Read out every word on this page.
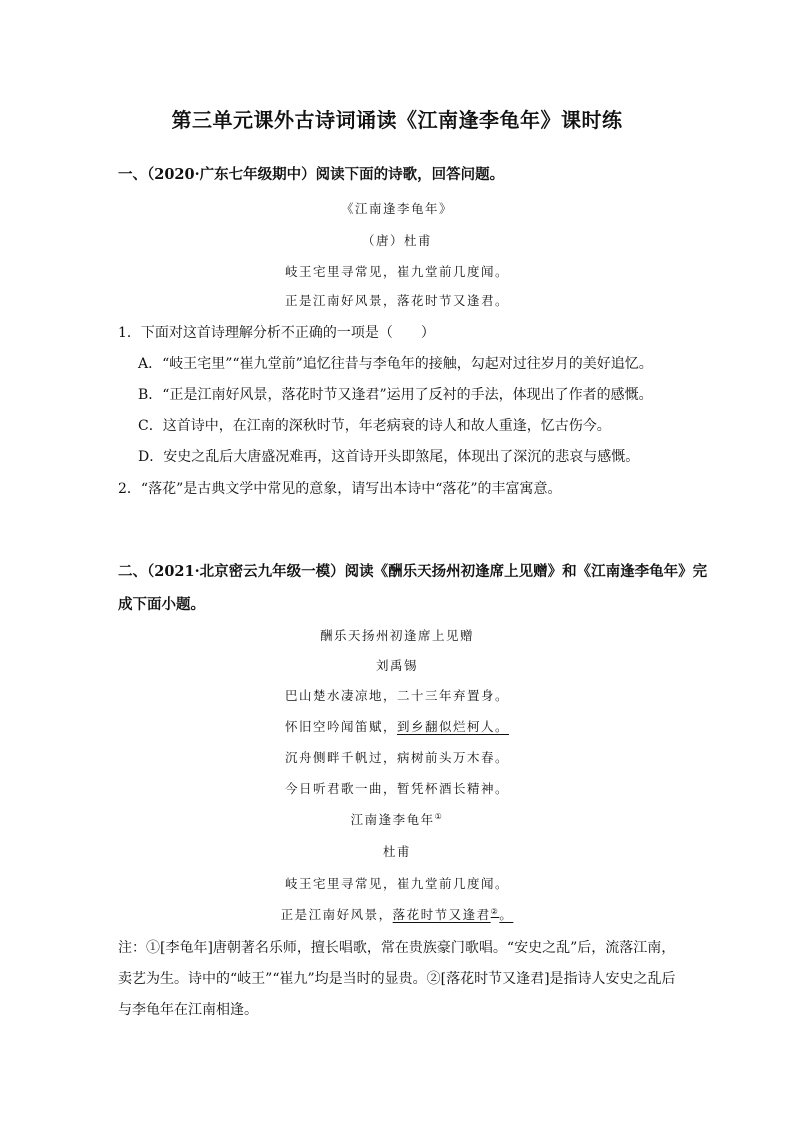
第三单元课外古诗词诵读《江南逢李龟年》课时练
一、（2020·广东七年级期中）阅读下面的诗歌，回答问题。
《江南逢李龟年》
（唐）杜甫
岐王宅里寻常见，崔九堂前几度闻。
正是江南好风景，落花时节又逢君。
1．下面对这首诗理解分析不正确的一项是（　　）
A．“岐王宅里”“崔九堂前”追忆往昔与李龟年的接触，勾起对过往岁月的美好追忆。
B．“正是江南好风景，落花时节又逢君”运用了反衬的手法，体现出了作者的感慨。
C．这首诗中，在江南的深秋时节，年老病衰的诗人和故人重逢，忆古伤今。
D．安史之乱后大唐盛况难再，这首诗开头即煞尾，体现出了深沉的悲哀与感慨。
2．“落花”是古典文学中常见的意象，请写出本诗中“落花”的丰富寓意。
二、（2021·北京密云九年级一模）阅读《酬乐天扬州初逢席上见赠》和《江南逢李龟年》完
成下面小题。
酬乐天扬州初逢席上见赠
刘禹锡
巴山楚水凄凉地，二十三年弃置身。
怀旧空吟闻笛赋，到乡翻似烂柯人。
沉舟侧畔千帆过，病树前头万木春。
今日听君歌一曲，暂凭杯酒长精神。
江南逢李龟年①
杜甫
岐王宅里寻常见，崔九堂前几度闻。
正是江南好风景，落花时节又逢君②。
注：①[李龟年]唐朝著名乐师，擅长唱歌，常在贵族豪门歌唱。“安史之乱”后，流落江南，
卖艺为生。诗中的“岐王”“崔九”均是当时的显贵。②[落花时节又逢君]是指诗人安史之乱后
与李龟年在江南相逢。
